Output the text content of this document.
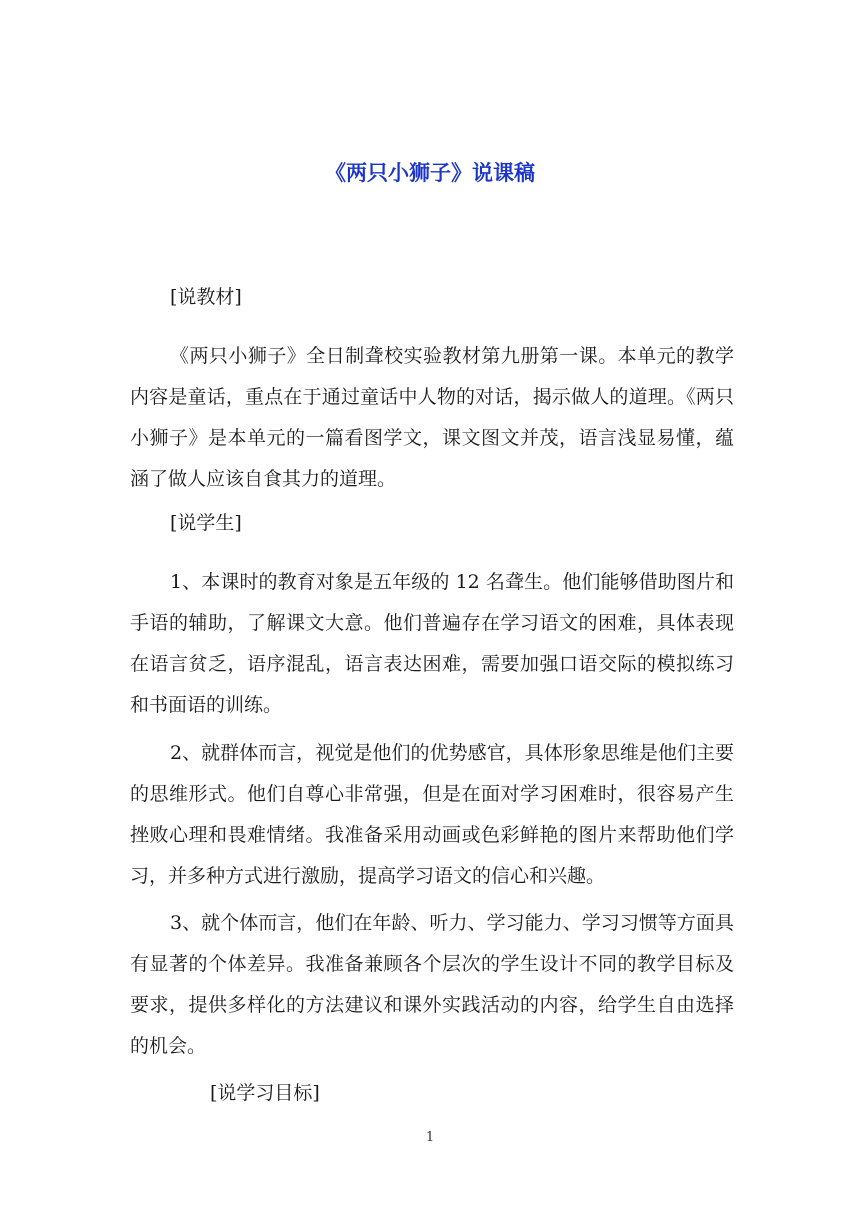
《两只小狮子》说课稿
[说教材]
《两只小狮子》全日制聋校实验教材第九册第一课。本单元的教学内容是童话，重点在于通过童话中人物的对话，揭示做人的道理。《两只小狮子》是本单元的一篇看图学文，课文图文并茂，语言浅显易懂，蕴涵了做人应该自食其力的道理。
[说学生]
1、本课时的教育对象是五年级的 12 名聋生。他们能够借助图片和手语的辅助，了解课文大意。他们普遍存在学习语文的困难，具体表现在语言贫乏，语序混乱，语言表达困难，需要加强口语交际的模拟练习和书面语的训练。
2、就群体而言，视觉是他们的优势感官，具体形象思维是他们主要的思维形式。他们自尊心非常强，但是在面对学习困难时，很容易产生挫败心理和畏难情绪。我准备采用动画或色彩鲜艳的图片来帮助他们学习，并多种方式进行激励，提高学习语文的信心和兴趣。
3、就个体而言，他们在年龄、听力、学习能力、学习习惯等方面具有显著的个体差异。我准备兼顾各个层次的学生设计不同的教学目标及要求，提供多样化的方法建议和课外实践活动的内容，给学生自由选择的机会。
[说学习目标]
1
